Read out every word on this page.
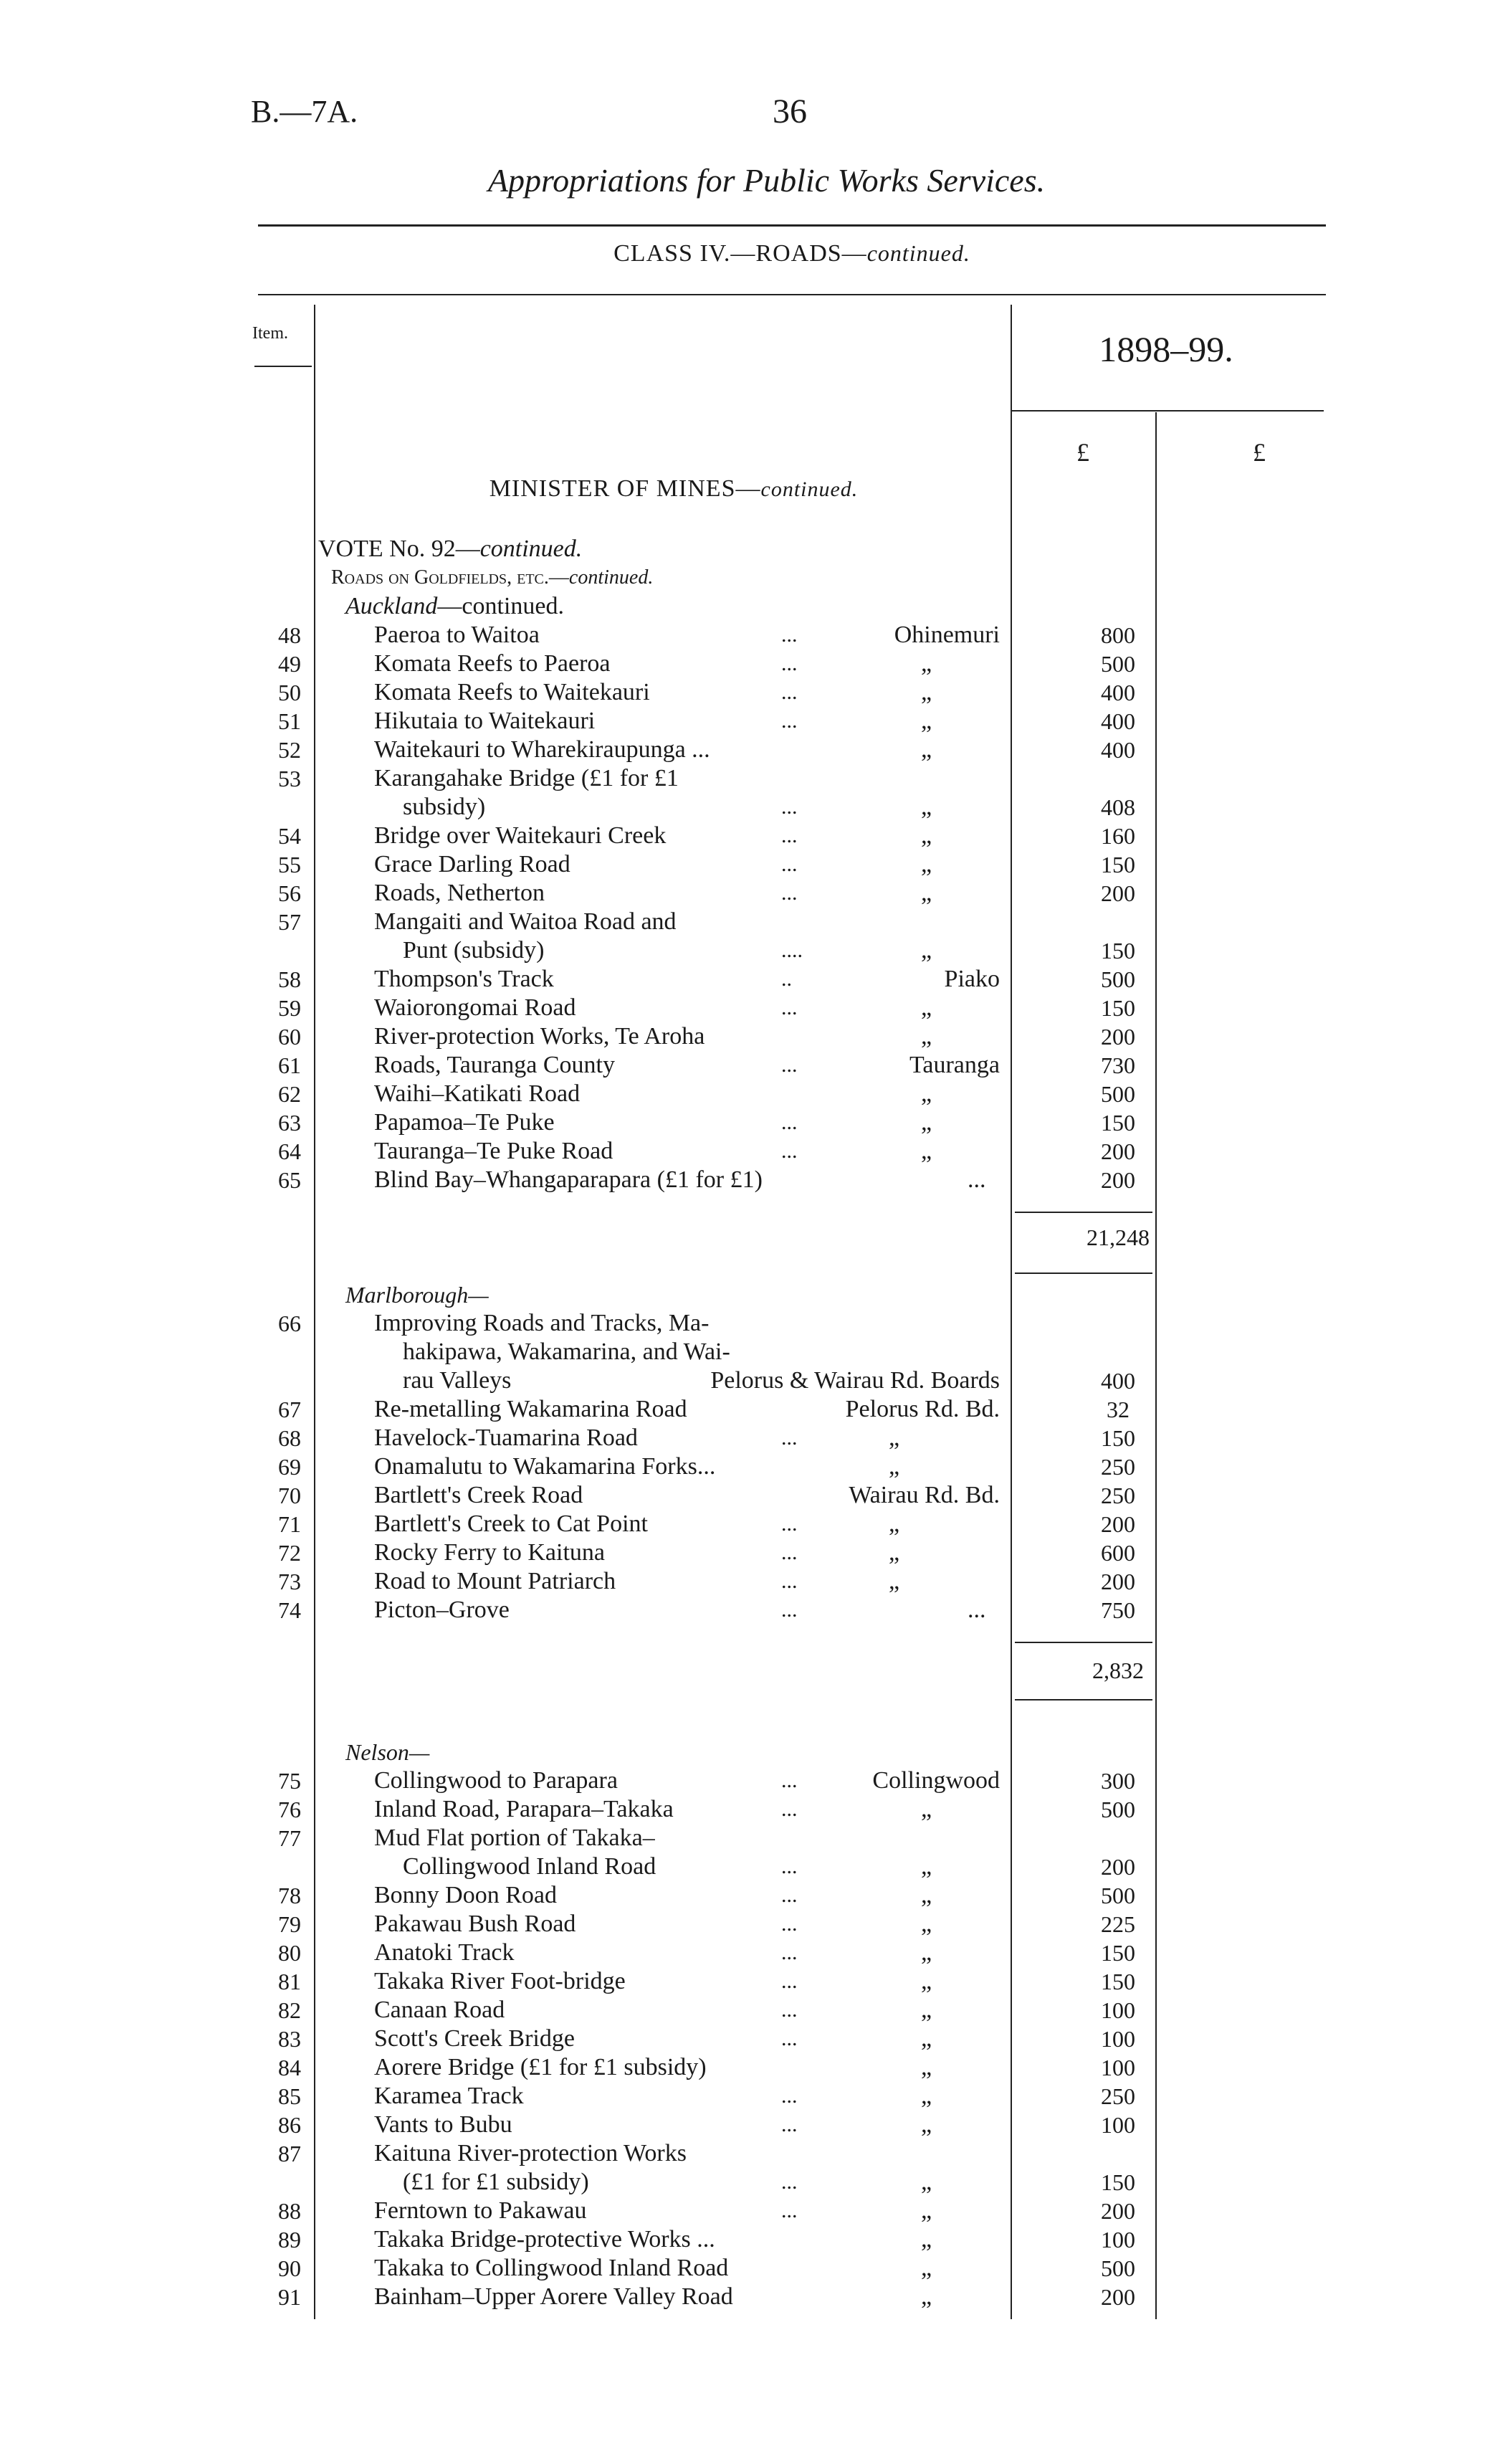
B.—7A.	36
Appropriations for Public Works Services.
CLASS IV.—ROADS—continued.
Item.	1898–99.
£	£
MINISTER OF MINES—continued.
VOTE No. 92—continued.
Roads on Goldfields, etc.—continued.
Auckland—continued.
48	Paeroa to Waitoa	...	Ohinemuri	800
49	Komata Reefs to Paeroa	...	„	500
50	Komata Reefs to Waitekauri	...	„	400
51	Hikutaia to Waitekauri	...	„	400
52	Waitekauri to Wharekiraupunga ...	„	400
53	Karangahake Bridge (£1 for £1
subsidy)	...	„	408
54	Bridge over Waitekauri Creek	...	„	160
55	Grace Darling Road	...	„	150
56	Roads, Netherton	...	„	200
57	Mangaiti and Waitoa Road and
Punt (subsidy)	....	„	150
58	Thompson's Track	..	Piako	500
59	Waiorongomai Road	...	„	150
60	River-protection Works, Te Aroha	„	200
61	Roads, Tauranga County	...	Tauranga	730
62	Waihi–Katikati Road	„	500
63	Papamoa–Te Puke	...	„	150
64	Tauranga–Te Puke Road	...	„	200
65	Blind Bay–Whangaparapara (£1 for £1)	...	200
21,248
Marlborough—
66	Improving Roads and Tracks, Ma-
hakipawa, Wakamarina, and Wai-
rau Valleys	Pelorus & Wairau Rd. Boards	400
67	Re-metalling Wakamarina Road	Pelorus Rd. Bd.	32
68	Havelock-Tuamarina Road	...	„	150
69	Onamalutu to Wakamarina Forks...	„	250
70	Bartlett's Creek Road	Wairau Rd. Bd.	250
71	Bartlett's Creek to Cat Point	...	„	200
72	Rocky Ferry to Kaituna	...	„	600
73	Road to Mount Patriarch	...	„	200
74	Picton–Grove	...	...	750
2,832
Nelson—
75	Collingwood to Parapara	...	Collingwood	300
76	Inland Road, Parapara–Takaka	...	„	500
77	Mud Flat portion of Takaka–
Collingwood Inland Road	...	„	200
78	Bonny Doon Road	...	„	500
79	Pakawau Bush Road	...	„	225
80	Anatoki Track	...	„	150
81	Takaka River Foot-bridge	...	„	150
82	Canaan Road	...	„	100
83	Scott's Creek Bridge	...	„	100
84	Aorere Bridge (£1 for £1 subsidy)	„	100
85	Karamea Track	...	„	250
86	Vants to Bubu	...	„	100
87	Kaituna River-protection Works
(£1 for £1 subsidy)	...	„	150
88	Ferntown to Pakawau	...	„	200
89	Takaka Bridge-protective Works ...	„	100
90	Takaka to Collingwood Inland Road	„	500
91	Bainham–Upper Aorere Valley Road	„	200
